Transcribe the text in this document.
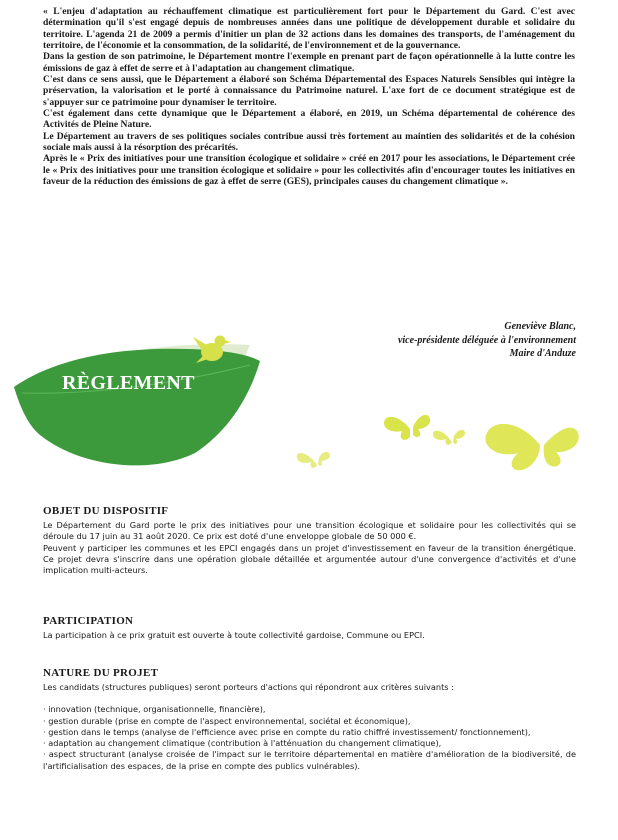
« L'enjeu d'adaptation au réchauffement climatique est particulièrement fort pour le Département du Gard. C'est avec détermination qu'il s'est engagé depuis de nombreuses années dans une politique de développement durable et solidaire du territoire. L'agenda 21 de 2009 a permis d'initier un plan de 32 actions dans les domaines des transports, de l'aménagement du territoire, de l'économie et la consommation, de la solidarité, de l'environnement et de la gouvernance.

Dans la gestion de son patrimoine, le Département montre l'exemple en prenant part de façon opérationnelle à la lutte contre les émissions de gaz à effet de serre et à l'adaptation au changement climatique.

C'est dans ce sens aussi, que le Département a élaboré son Schéma Départemental des Espaces Naturels Sensibles qui intègre la préservation, la valorisation et le porté à connaissance du Patrimoine naturel. L'axe fort de ce document stratégique est de s'appuyer sur ce patrimoine pour dynamiser le territoire.

C'est également dans cette dynamique que le Département a élaboré, en 2019, un Schéma départemental de cohérence des Activités de Pleine Nature.

Le Département au travers de ses politiques sociales contribue aussi très fortement au maintien des solidarités et de la cohésion sociale mais aussi à la résorption des précarités.

Après le « Prix des initiatives pour une transition écologique et solidaire » créé en 2017 pour les associations, le Département crée le « Prix des initiatives pour une transition écologique et solidaire » pour les collectivités afin d'encourager toutes les initiatives en faveur de la réduction des émissions de gaz à effet de serre (GES), principales causes du changement climatique ».

Geneviève Blanc,
vice-présidente déléguée à l'environnement
Maire d'Anduze
RÈGLEMENT
OBJET DU DISPOSITIF
Le Département du Gard porte le prix des initiatives pour une transition écologique et solidaire pour les collectivités qui se déroule du 17 juin au 31 août 2020. Ce prix est doté d'une enveloppe globale de 50 000 €.
Peuvent y participer les communes et les EPCI engagés dans un projet d'investissement en faveur de la transition énergétique. Ce projet devra s'inscrire dans une opération globale détaillée et argumentée autour d'une convergence d'activités et d'une implication multi-acteurs.
PARTICIPATION
La participation à ce prix gratuit est ouverte à toute collectivité gardoise, Commune ou EPCI.
NATURE DU PROJET
Les candidats (structures publiques) seront porteurs d'actions qui répondront aux critères suivants :
· innovation (technique, organisationnelle, financière),
· gestion durable (prise en compte de l'aspect environnemental, sociétal et économique),
· gestion dans le temps (analyse de l'efficience avec prise en compte du ratio chiffré investissement/ fonctionnement),
· adaptation au changement climatique (contribution à l'atténuation du changement climatique),
· aspect structurant (analyse croisée de l'impact sur le territoire départemental en matière d'amélioration de la biodiversité, de l'artificialisation des espaces, de la prise en compte des publics vulnérables).
